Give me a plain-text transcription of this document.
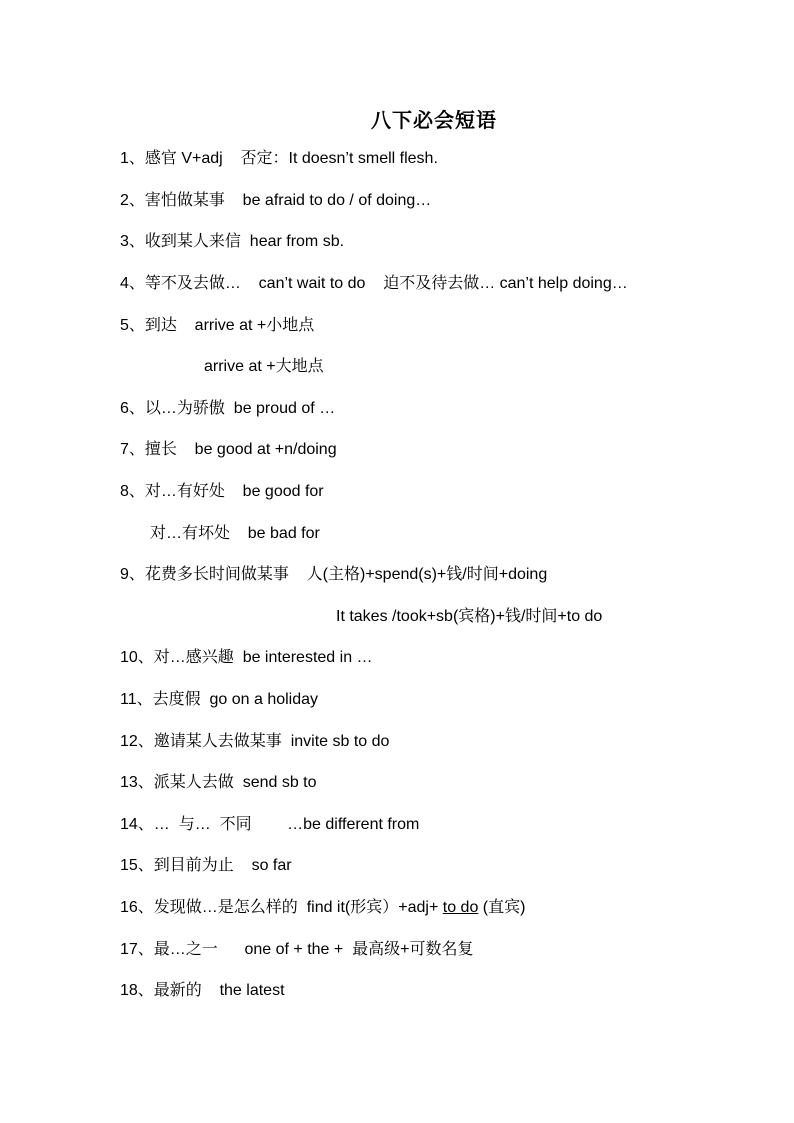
八下必会短语
1、感官 V+adj    否定：It doesn’t smell flesh.
2、害怕做某事    be afraid to do / of doing…
3、收到某人来信  hear from sb.
4、等不及去做…    can’t wait to do    迫不及待去做… can’t help doing…
5、到达    arrive at +小地点
arrive at +大地点
6、以…为骄傲  be proud of …
7、擅长    be good at +n/doing
8、对…有好处    be good for
对…有坏处    be bad for
9、花费多长时间做某事    人(主格)+spend(s)+钱/时间+doing
It takes /took+sb(宾格)+钱/时间+to do
10、对…感兴趣  be interested in …
11、去度假  go on a holiday
12、邀请某人去做某事  invite sb to do
13、派某人去做  send sb to
14、…  与…  不同        …be different from
15、到目前为止    so far
16、发现做…是怎么样的  find it(形宾）+adj+ to do (直宾)
17、最…之一      one of + the +  最高级+可数名复
18、最新的    the latest
